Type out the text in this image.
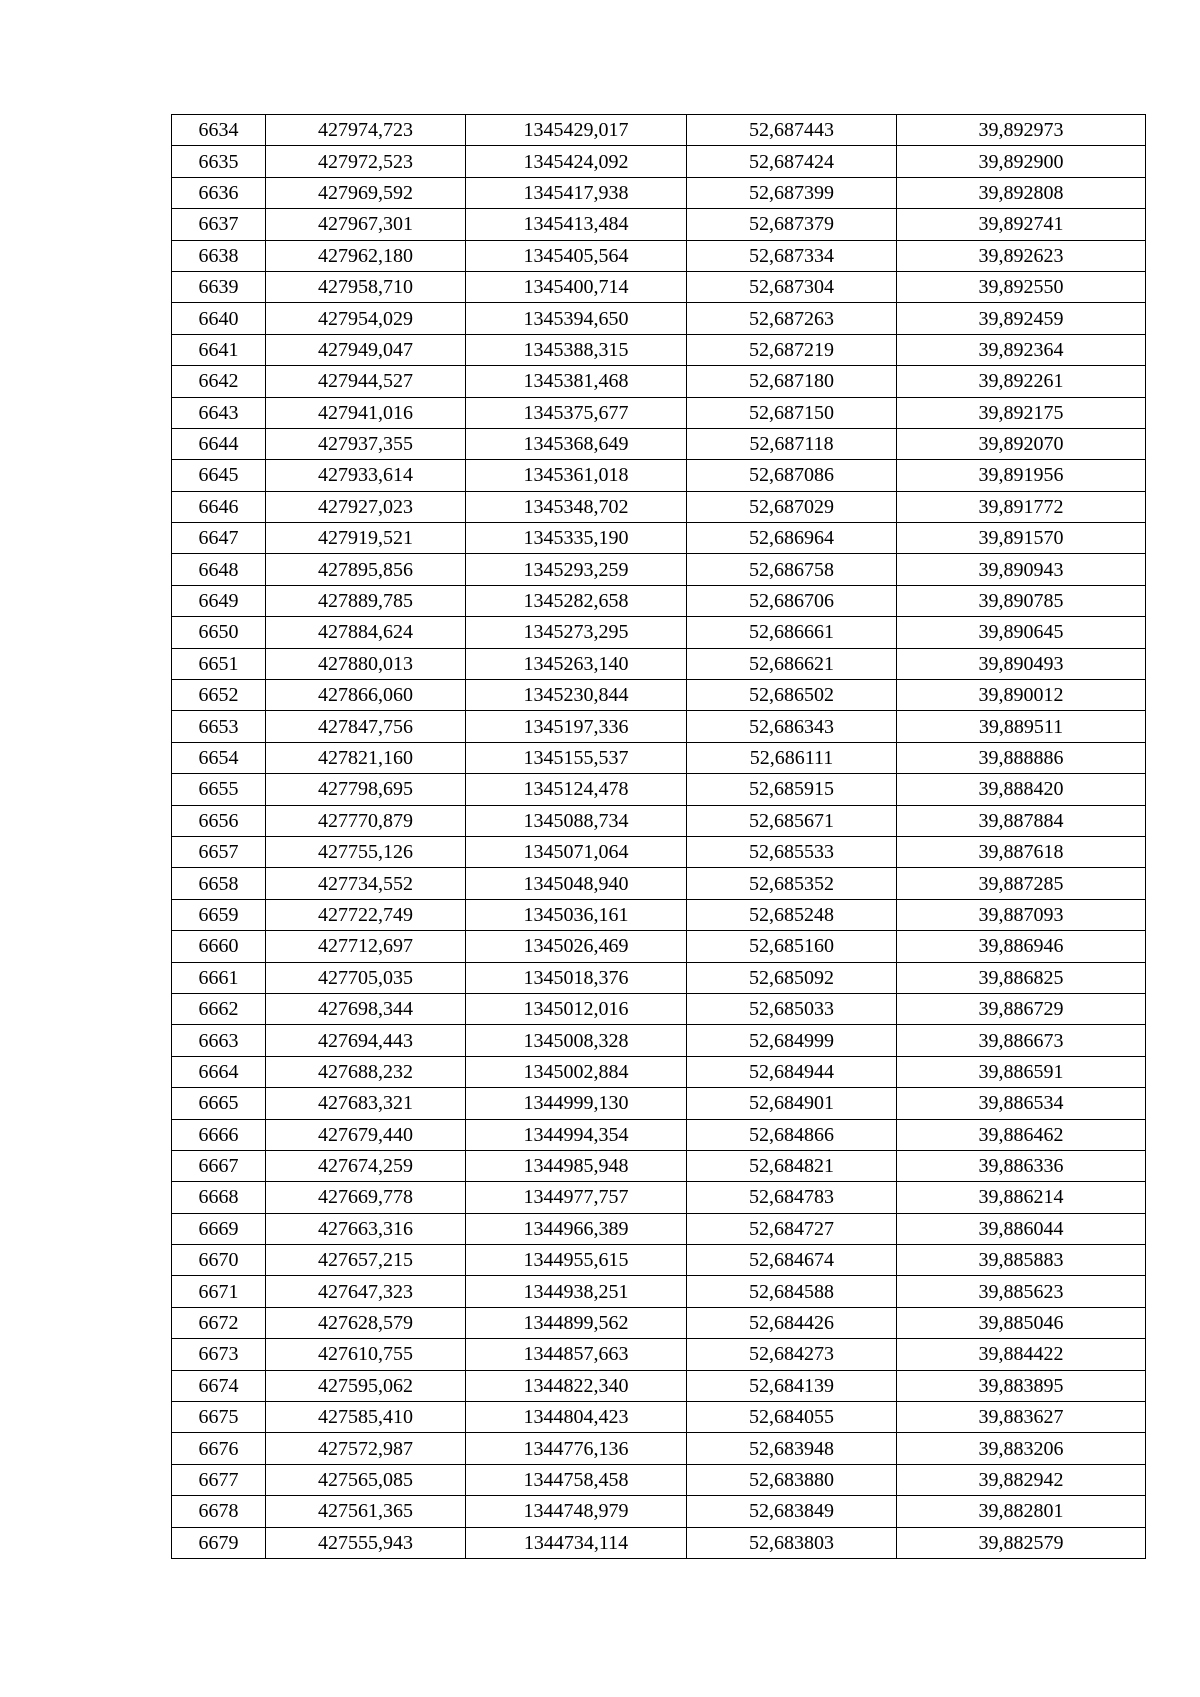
6634	427974,723	1345429,017	52,687443	39,892973
6635	427972,523	1345424,092	52,687424	39,892900
6636	427969,592	1345417,938	52,687399	39,892808
6637	427967,301	1345413,484	52,687379	39,892741
6638	427962,180	1345405,564	52,687334	39,892623
6639	427958,710	1345400,714	52,687304	39,892550
6640	427954,029	1345394,650	52,687263	39,892459
6641	427949,047	1345388,315	52,687219	39,892364
6642	427944,527	1345381,468	52,687180	39,892261
6643	427941,016	1345375,677	52,687150	39,892175
6644	427937,355	1345368,649	52,687118	39,892070
6645	427933,614	1345361,018	52,687086	39,891956
6646	427927,023	1345348,702	52,687029	39,891772
6647	427919,521	1345335,190	52,686964	39,891570
6648	427895,856	1345293,259	52,686758	39,890943
6649	427889,785	1345282,658	52,686706	39,890785
6650	427884,624	1345273,295	52,686661	39,890645
6651	427880,013	1345263,140	52,686621	39,890493
6652	427866,060	1345230,844	52,686502	39,890012
6653	427847,756	1345197,336	52,686343	39,889511
6654	427821,160	1345155,537	52,686111	39,888886
6655	427798,695	1345124,478	52,685915	39,888420
6656	427770,879	1345088,734	52,685671	39,887884
6657	427755,126	1345071,064	52,685533	39,887618
6658	427734,552	1345048,940	52,685352	39,887285
6659	427722,749	1345036,161	52,685248	39,887093
6660	427712,697	1345026,469	52,685160	39,886946
6661	427705,035	1345018,376	52,685092	39,886825
6662	427698,344	1345012,016	52,685033	39,886729
6663	427694,443	1345008,328	52,684999	39,886673
6664	427688,232	1345002,884	52,684944	39,886591
6665	427683,321	1344999,130	52,684901	39,886534
6666	427679,440	1344994,354	52,684866	39,886462
6667	427674,259	1344985,948	52,684821	39,886336
6668	427669,778	1344977,757	52,684783	39,886214
6669	427663,316	1344966,389	52,684727	39,886044
6670	427657,215	1344955,615	52,684674	39,885883
6671	427647,323	1344938,251	52,684588	39,885623
6672	427628,579	1344899,562	52,684426	39,885046
6673	427610,755	1344857,663	52,684273	39,884422
6674	427595,062	1344822,340	52,684139	39,883895
6675	427585,410	1344804,423	52,684055	39,883627
6676	427572,987	1344776,136	52,683948	39,883206
6677	427565,085	1344758,458	52,683880	39,882942
6678	427561,365	1344748,979	52,683849	39,882801
6679	427555,943	1344734,114	52,683803	39,882579
